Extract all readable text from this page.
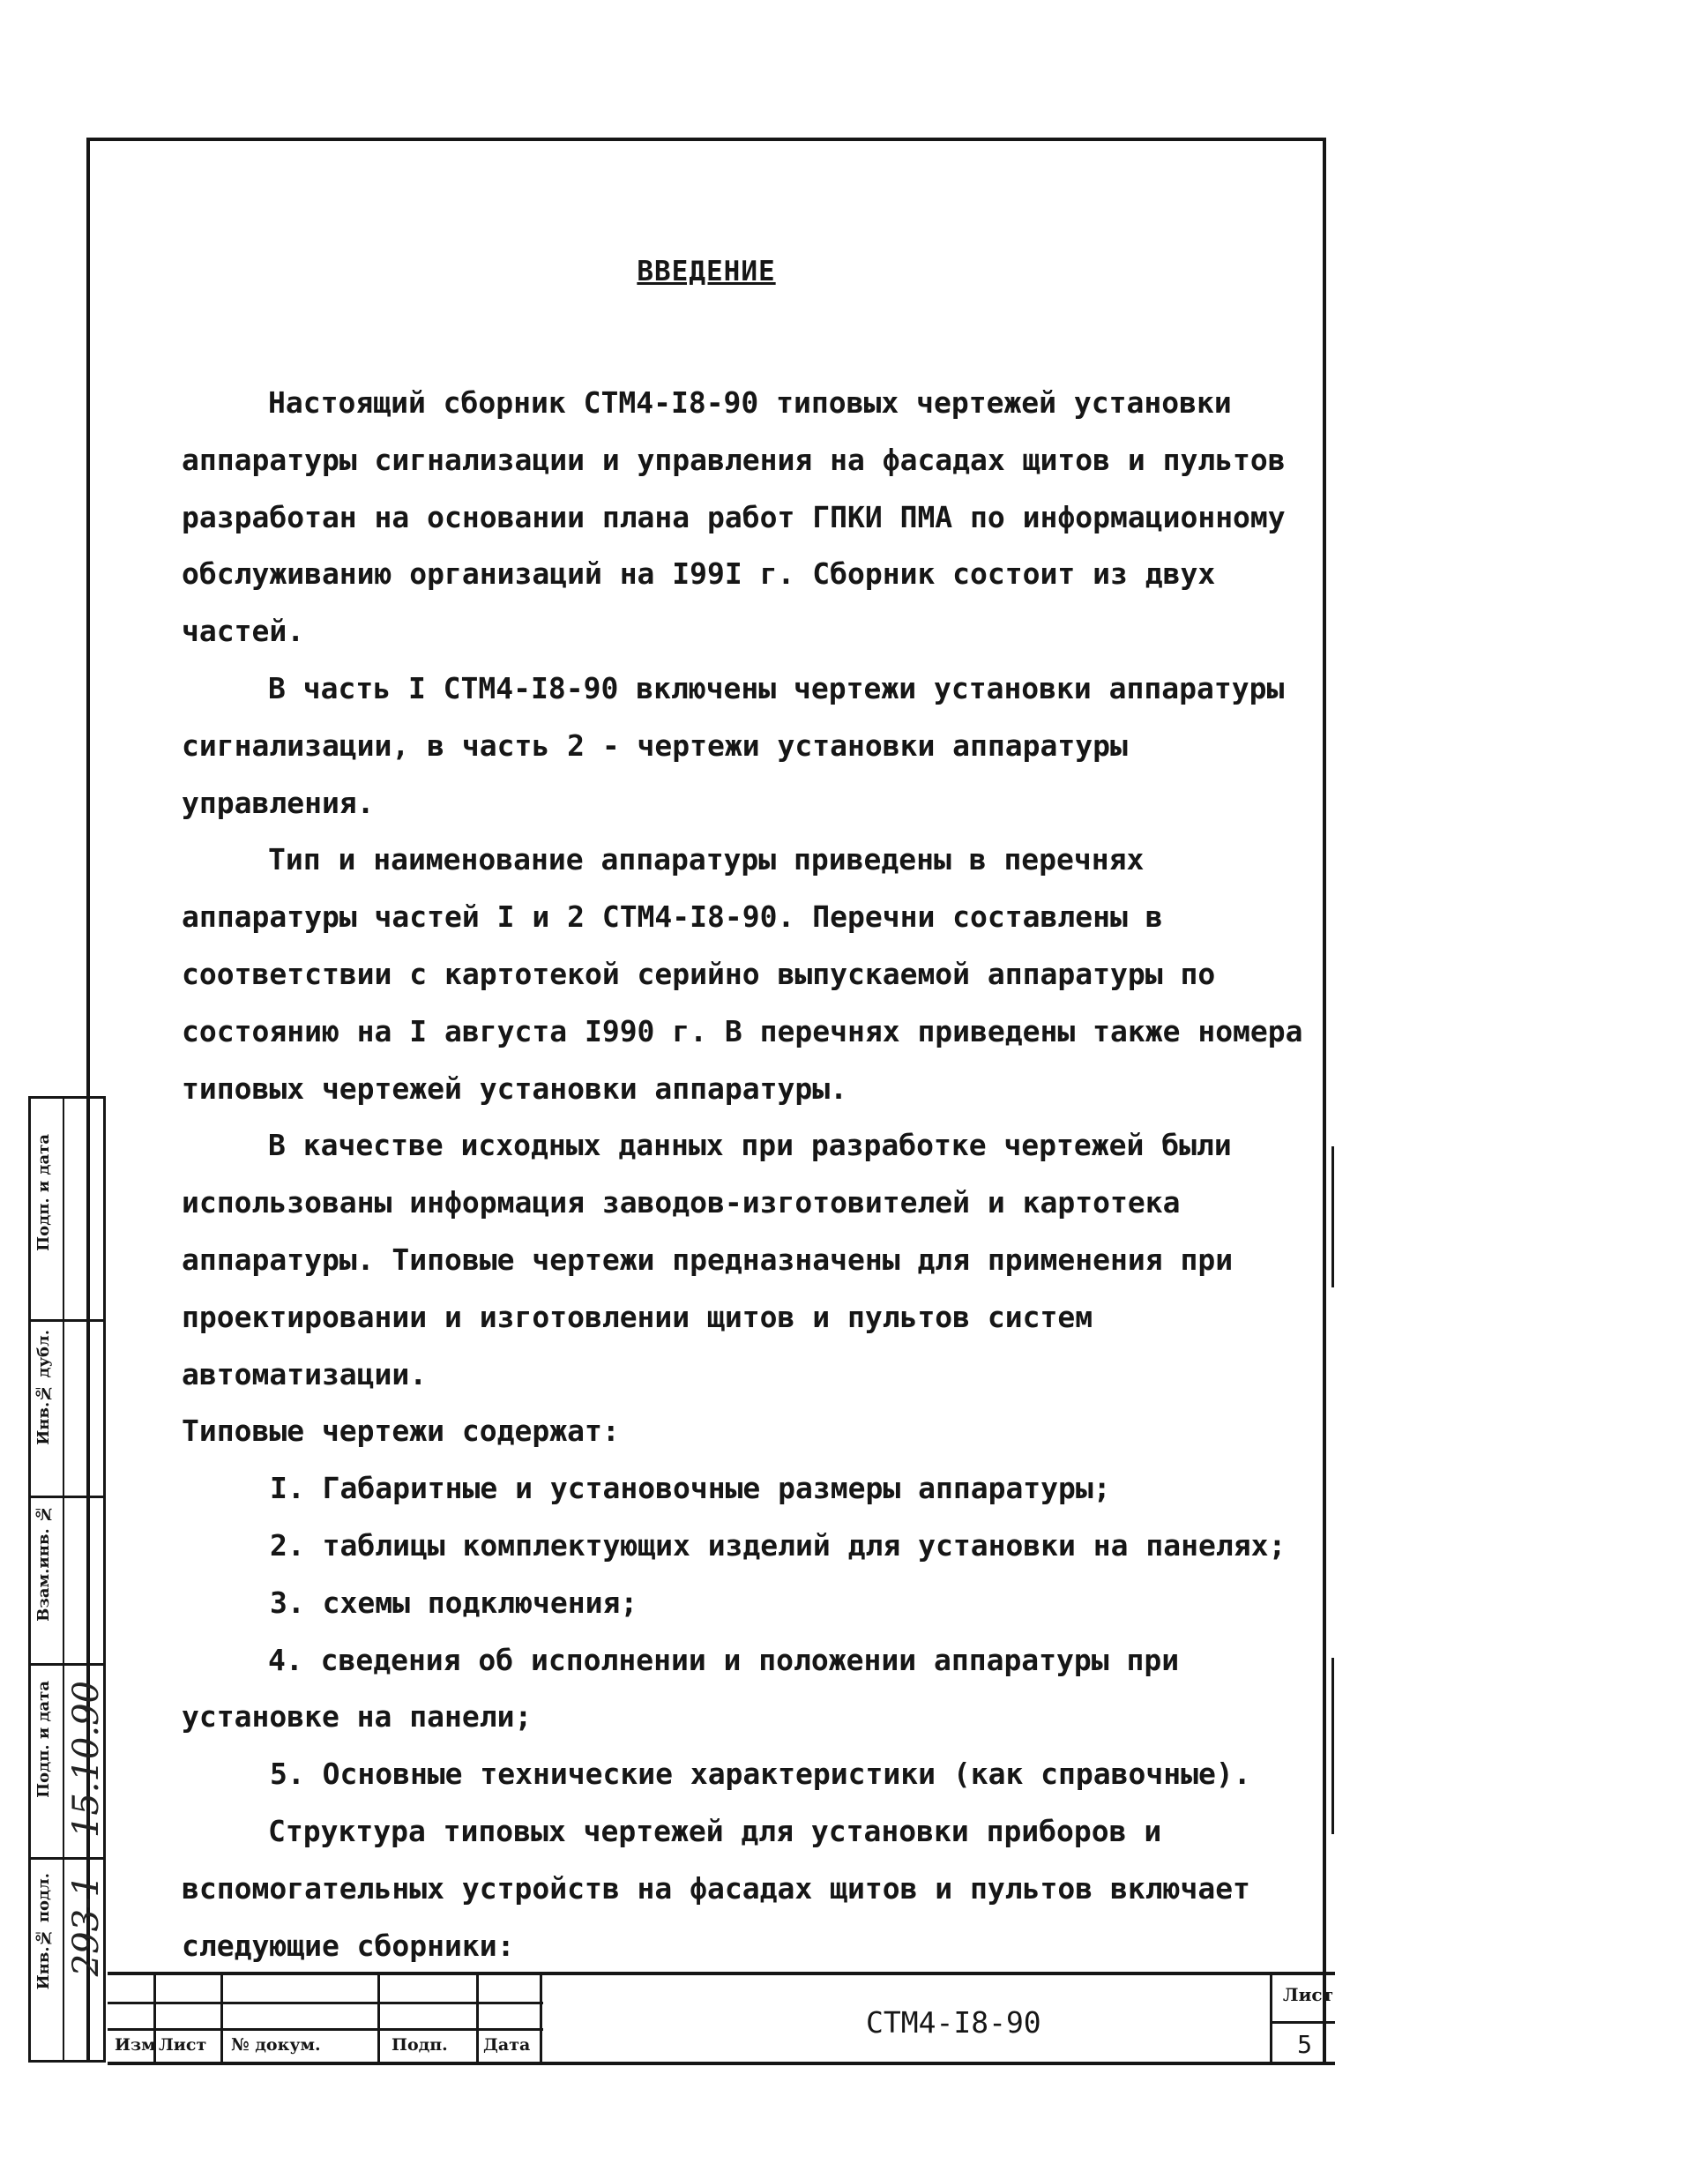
ВВЕДЕНИЕ

Настоящий сборник СТМ4-I8-90 типовых чертежей установки аппаратуры сигнализации и управления на фасадах щитов и пультов разработан на основании плана работ ГПКИ ПМА по информационному обслуживанию организаций на I99I г. Сборник состоит из двух частей.

В часть I СТМ4-I8-90 включены чертежи установки аппаратуры сигнализации, в часть 2 - чертежи установки аппаратуры управления.

Тип и наименование аппаратуры приведены в перечнях аппаратуры частей I и 2 СТМ4-I8-90. Перечни составлены в соответствии с картотекой серийно выпускаемой аппаратуры по состоянию на I августа I990 г. В перечнях приведены также номера типовых чертежей установки аппаратуры.

В качестве исходных данных при разработке чертежей были использованы информация заводов-изготовителей и картотека аппаратуры. Типовые чертежи предназначены для применения при проектировании и изготовлении щитов и пультов систем автоматизации.

Типовые чертежи содержат:

I. Габаритные и установочные размеры аппаратуры;

2. таблицы комплектующих изделий для установки на панелях;

3. схемы подключения;

4. сведения об исполнении и положении аппаратуры при установке на панели;

5. Основные технические характеристики (как справочные).

Структура типовых чертежей для установки приборов и вспомогательных устройств на фасадах щитов и пультов включает следующие сборники:

Изм Лист № докум.	Подп. Дата
СТМ4-I8-90
Лист
5
Подп. и дата
Инв.№ дубл.
Взам.инв. №
Подп. и дата
Инв.№ подл.
15.10.90
293-1
